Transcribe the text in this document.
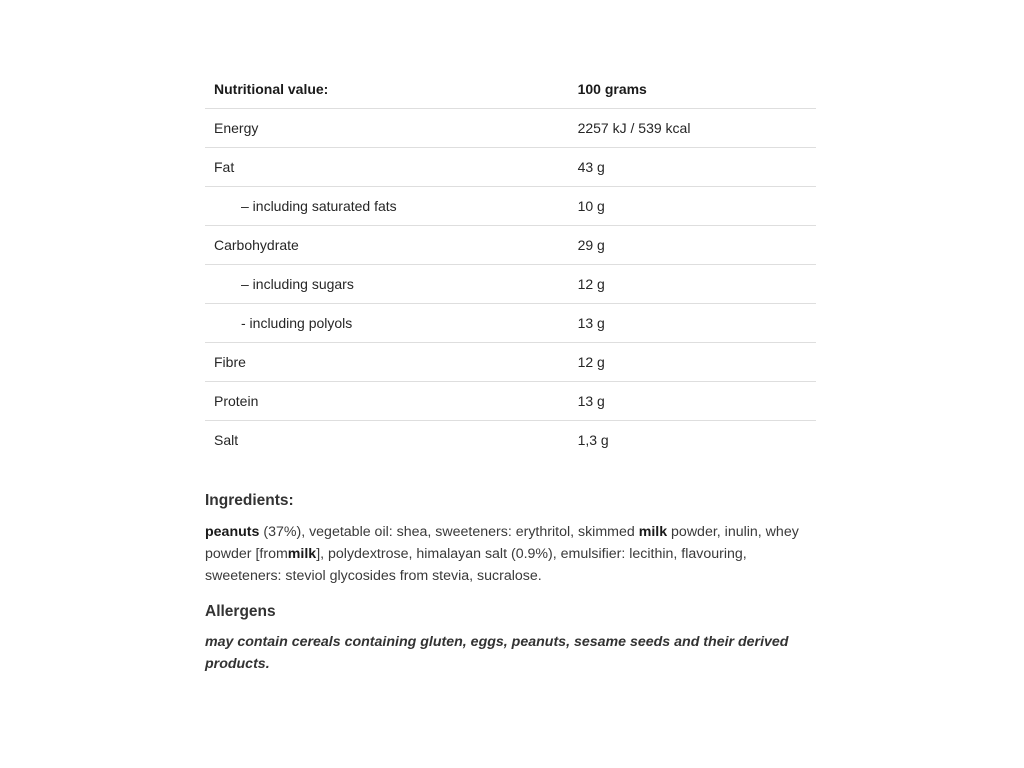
Nutritional value:	100 grams
Energy	2257 kJ / 539 kcal
Fat	43 g
– including saturated fats	10 g
Carbohydrate	29 g
– including sugars	12 g
- including polyols	13 g
Fibre	12 g
Protein	13 g
Salt	1,3 g
Ingredients:

peanuts (37%), vegetable oil: shea, sweeteners: erythritol, skimmed milk powder, inulin, whey powder [frommilk], polydextrose, himalayan salt (0.9%), emulsifier: lecithin, flavouring, sweeteners: steviol glycosides from stevia, sucralose.

Allergens

may contain cereals containing gluten, eggs, peanuts, sesame seeds and their derived products.
